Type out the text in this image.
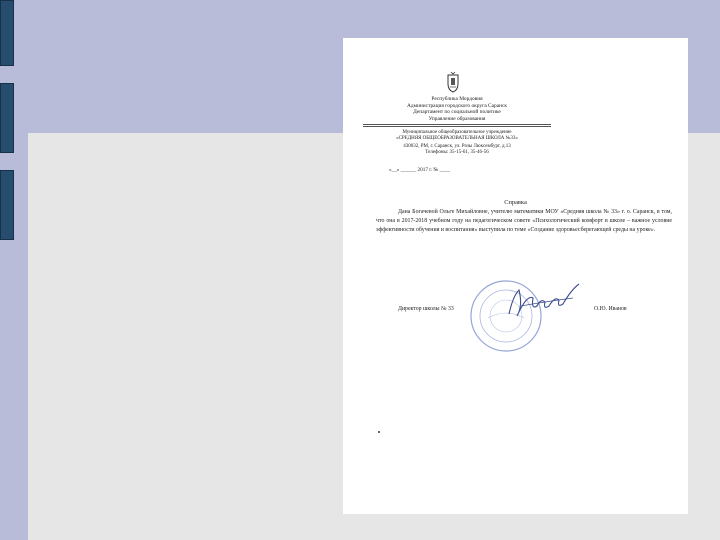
Республика Мордовия
Администрация городского округа Саранск
Департамент по социальной политике
Управление образования
Муниципальное общеобразовательное учреждение
«СРЕДНЯЯ ОБЩЕОБРАЗОВАТЕЛЬНАЯ ШКОЛА №33»
430032, РМ, г. Саранск, ул. Розы Люксембург, д.13
Телефоны: 35-15-61, 35-46-56
«__» ______ 2017 г. № ____
Справка
Дана Богачевой Ольге Михайловне, учителю математики МОУ «Средняя школа № 33» г. о. Саранск, в том, что она в 2017-2018 учебном году на педагогическом совете «Психологический комфорт в школе – важное условие эффективности обучения и воспитания» выступила по теме «Создание здоровьесберегающей среды на уроке».
Директор школы № 33	О.Ю. Иванов
